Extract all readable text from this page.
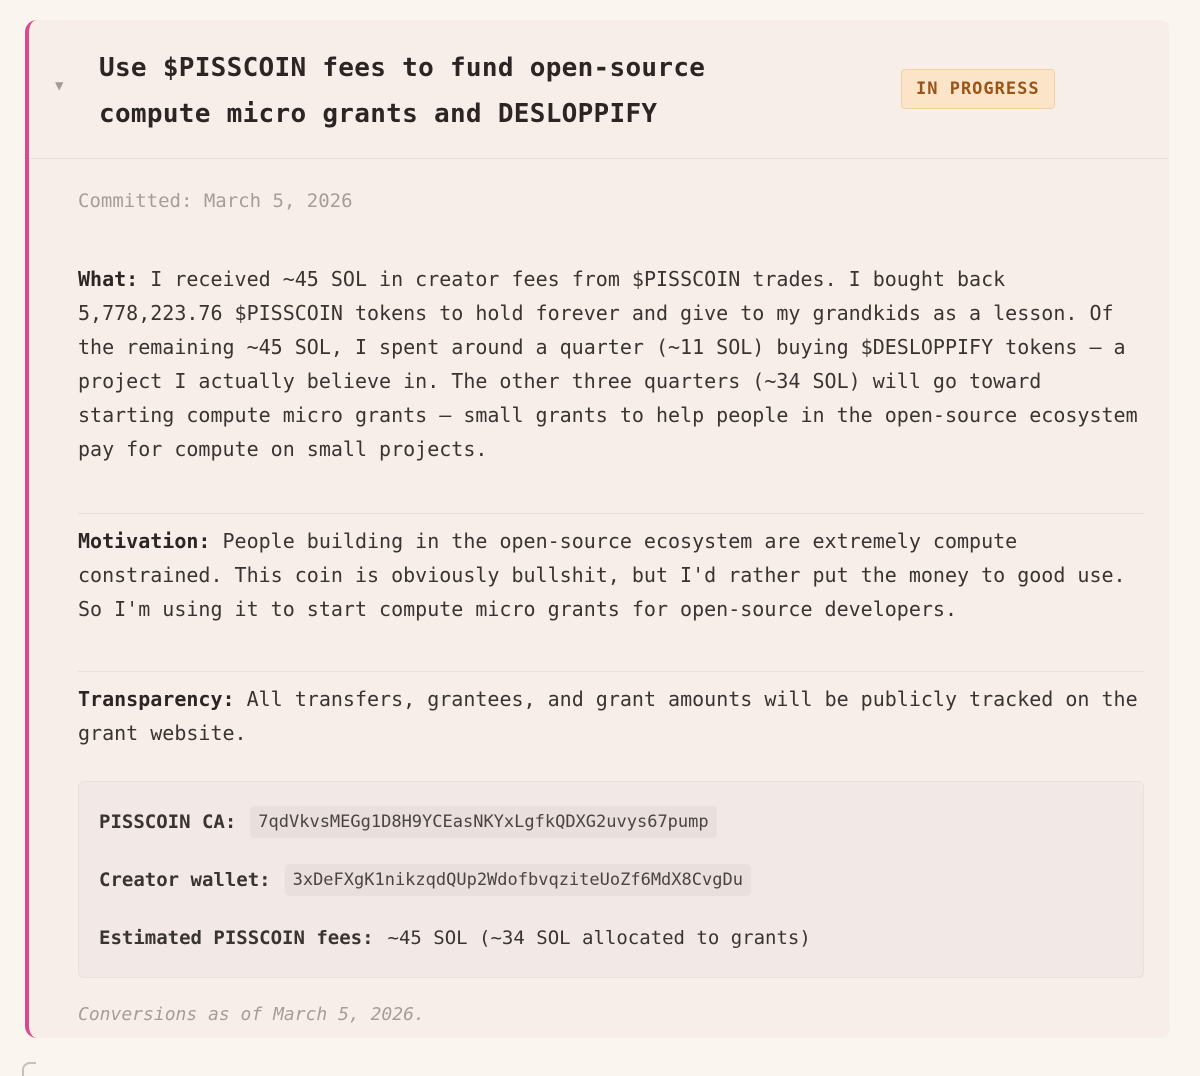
▼
Use $PISSCOIN fees to fund open-source compute micro grants and DESLOPPIFY
IN PROGRESS
Committed: March 5, 2026

What: I received ~45 SOL in creator fees from $PISSCOIN trades. I bought back 5,778,223.76 $PISSCOIN tokens to hold forever and give to my grandkids as a lesson. Of the remaining ~45 SOL, I spent around a quarter (~11 SOL) buying $DESLOPPIFY tokens — a project I actually believe in. The other three quarters (~34 SOL) will go toward starting compute micro grants — small grants to help people in the open-source ecosystem pay for compute on small projects.

Motivation: People building in the open-source ecosystem are extremely compute constrained. This coin is obviously bullshit, but I'd rather put the money to good use. So I'm using it to start compute micro grants for open-source developers.

Transparency: All transfers, grantees, and grant amounts will be publicly tracked on the grant website.

PISSCOIN CA:	7qdVkvsMEGg1D8H9YCEasNKYxLgfkQDXG2uvys67pump
Creator wallet:	3xDeFXgK1nikzqdQUp2WdofbvqziteUoZf6MdX8CvgDu
Estimated PISSCOIN fees: ~45 SOL (~34 SOL allocated to grants)
Conversions as of March 5, 2026.
